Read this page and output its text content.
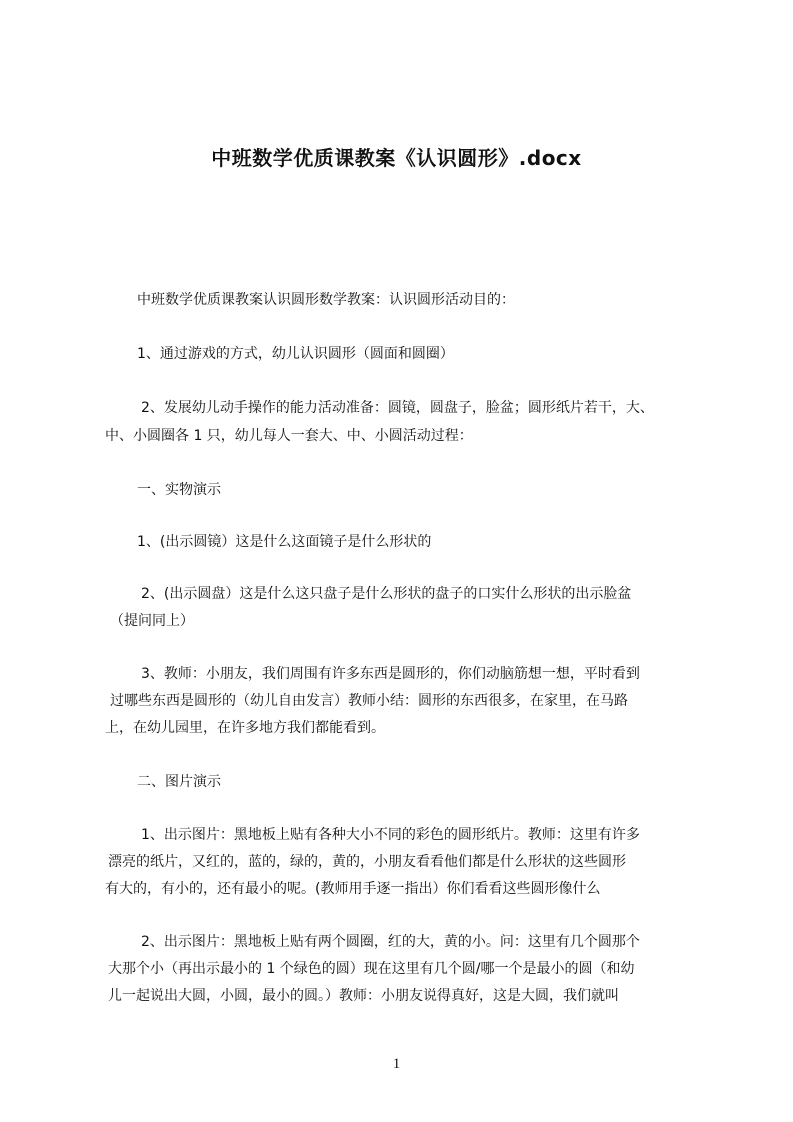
中班数学优质课教案《认识圆形》.docx
中班数学优质课教案认识圆形数学教案：认识圆形活动目的：
1、通过游戏的方式，幼儿认识圆形（圆面和圆圈）
2、发展幼儿动手操作的能力活动准备：圆镜，圆盘子，脸盆；圆形纸片若干，大、
中、小圆圈各 1 只，幼儿每人一套大、中、小圆活动过程：
一、实物演示
1、(出示圆镜）这是什么这面镜子是什么形状的
2、(出示圆盘）这是什么这只盘子是什么形状的盘子的口实什么形状的出示脸盆
（提问同上）
3、教师：小朋友，我们周围有许多东西是圆形的，你们动脑筋想一想，平时看到
过哪些东西是圆形的（幼儿自由发言）教师小结：圆形的东西很多，在家里，在马路
上，在幼儿园里，在许多地方我们都能看到。
二、图片演示
1、出示图片：黑地板上贴有各种大小不同的彩色的圆形纸片。教师：这里有许多
漂亮的纸片，又红的，蓝的，绿的，黄的，小朋友看看他们都是什么形状的这些圆形
有大的，有小的，还有最小的呢。(教师用手逐一指出）你们看看这些圆形像什么
2、出示图片：黑地板上贴有两个圆圈，红的大，黄的小。问：这里有几个圆那个
大那个小（再出示最小的 1 个绿色的圆）现在这里有几个圆/哪一个是最小的圆（和幼
儿一起说出大圆，小圆，最小的圆。）教师：小朋友说得真好，这是大圆，我们就叫
1
